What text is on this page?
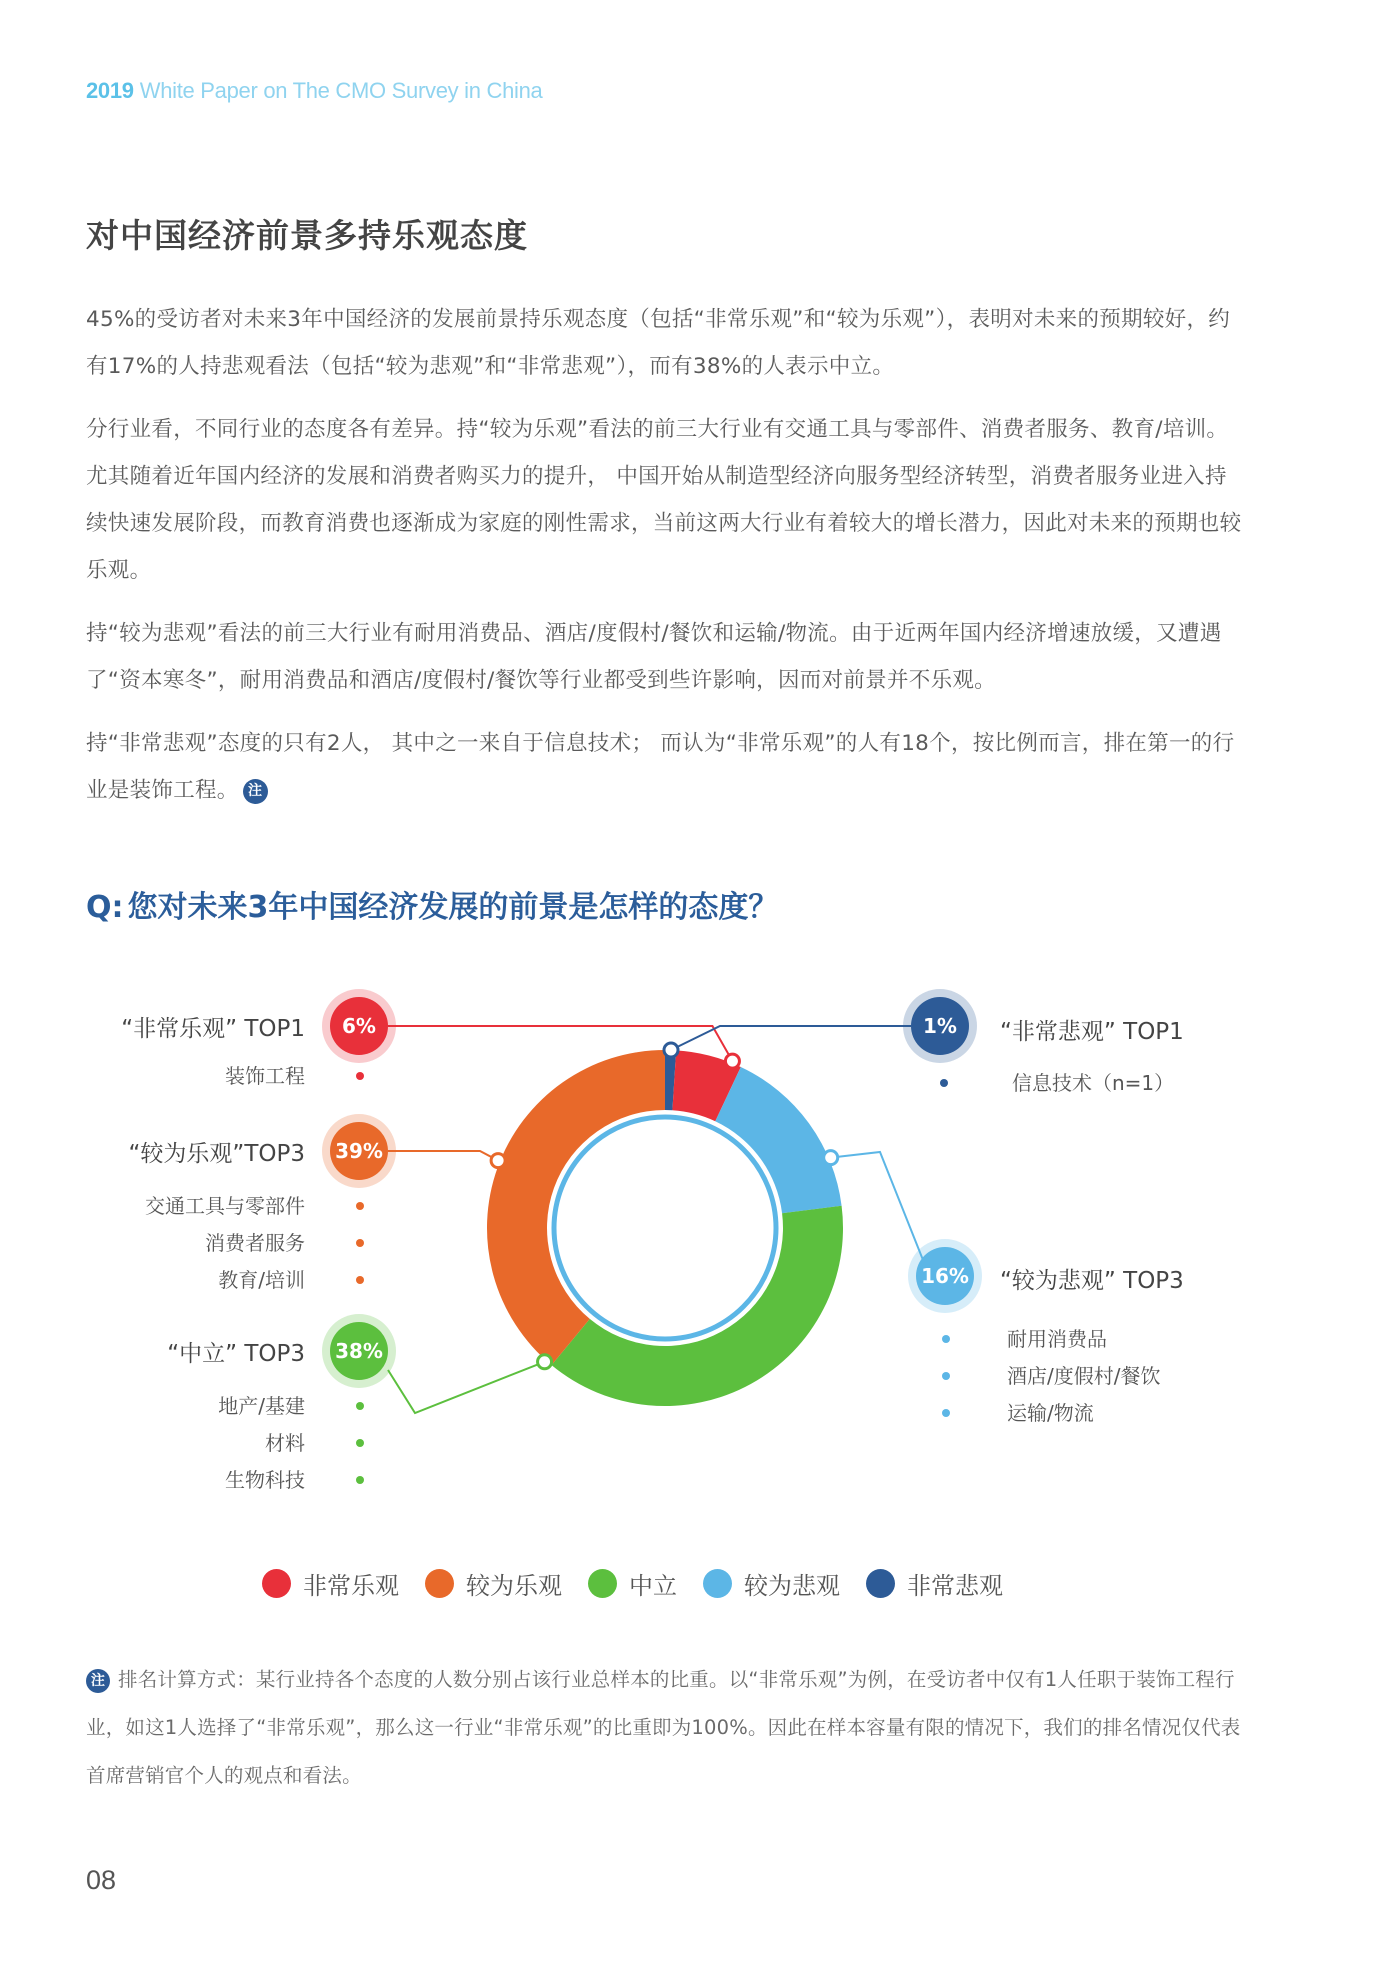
2019 White Paper on The CMO Survey in China
对中国经济前景多持乐观态度

45%的受访者对未来3年中国经济的发展前景持乐观态度（包括“非常乐观”和“较为乐观”），表明对未来的预期较好，约有17%的人持悲观看法（包括“较为悲观”和“非常悲观”），而有38%的人表示中立。

分行业看，不同行业的态度各有差异。持“较为乐观”看法的前三大行业有交通工具与零部件、消费者服务、教育/培训。尤其随着近年国内经济的发展和消费者购买力的提升， 中国开始从制造型经济向服务型经济转型，消费者服务业进入持续快速发展阶段，而教育消费也逐渐成为家庭的刚性需求，当前这两大行业有着较大的增长潜力，因此对未来的预期也较乐观。

持“较为悲观”看法的前三大行业有耐用消费品、酒店/度假村/餐饮和运输/物流。由于近两年国内经济增速放缓，又遭遇了“资本寒冬”，耐用消费品和酒店/度假村/餐饮等行业都受到些许影响，因而对前景并不乐观。

持“非常悲观”态度的只有2人， 其中之一来自于信息技术； 而认为“非常乐观”的人有18个，按比例而言，排在第一的行业是装饰工程。 注

Q: 您对未来3年中国经济发展的前景是怎样的态度？
6%
39%
38%
1%
16%
“非常乐观” TOP1
装饰工程
“较为乐观”TOP3
交通工具与零部件
消费者服务
教育/培训
“中立” TOP3
地产/基建
材料
生物科技
“非常悲观” TOP1
信息技术（n=1）
“较为悲观” TOP3
耐用消费品
酒店/度假村/餐饮
运输/物流
非常乐观	较为乐观	中立	较为悲观	非常悲观

注 排名计算方式：某行业持各个态度的人数分别占该行业总样本的比重。以“非常乐观”为例，在受访者中仅有1人任职于装饰工程行业，如这1人选择了“非常乐观”，那么这一行业“非常乐观”的比重即为100%。因此在样本容量有限的情况下，我们的排名情况仅代表首席营销官个人的观点和看法。

08
